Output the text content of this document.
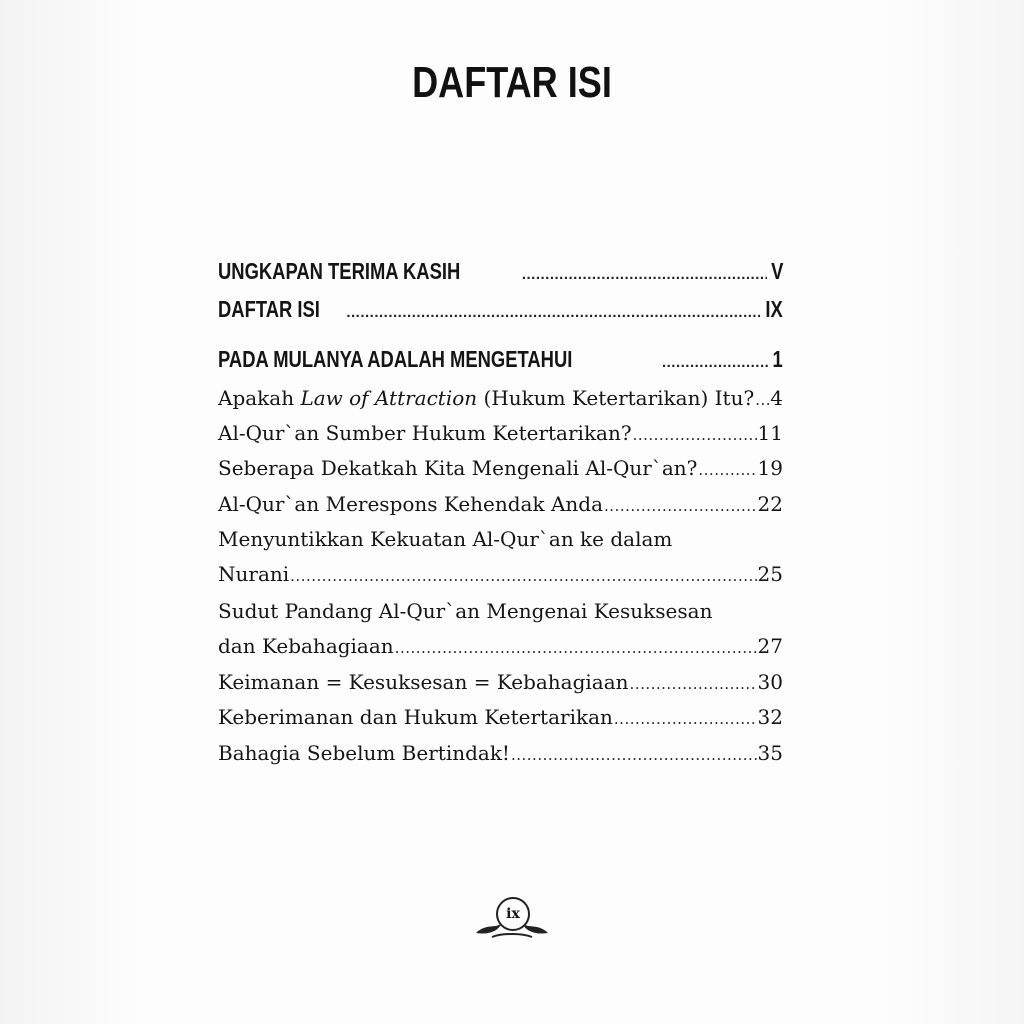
DAFTAR ISI
UNGKAPAN TERIMA KASIH .....	V
DAFTAR ISI .....	IX
PADA MULANYA ADALAH MENGETAHUI .....	1
Apakah Law of Attraction (Hukum Ketertarikan) Itu? ..... 4
Al-Qur`an Sumber Hukum Ketertarikan? .....	11
Seberapa Dekatkah Kita Mengenali Al-Qur`an? .....	19
Al-Qur`an Merespons Kehendak Anda .....	22
Menyuntikkan Kekuatan Al-Qur`an ke dalam
Nurani .....	25
Sudut Pandang Al-Qur`an Mengenai Kesuksesan
dan Kebahagiaan .....	27
Keimanan = Kesuksesan = Kebahagiaan .....	30
Keberimanan dan Hukum Ketertarikan .....	32
Bahagia Sebelum Bertindak! .....	35
ix
